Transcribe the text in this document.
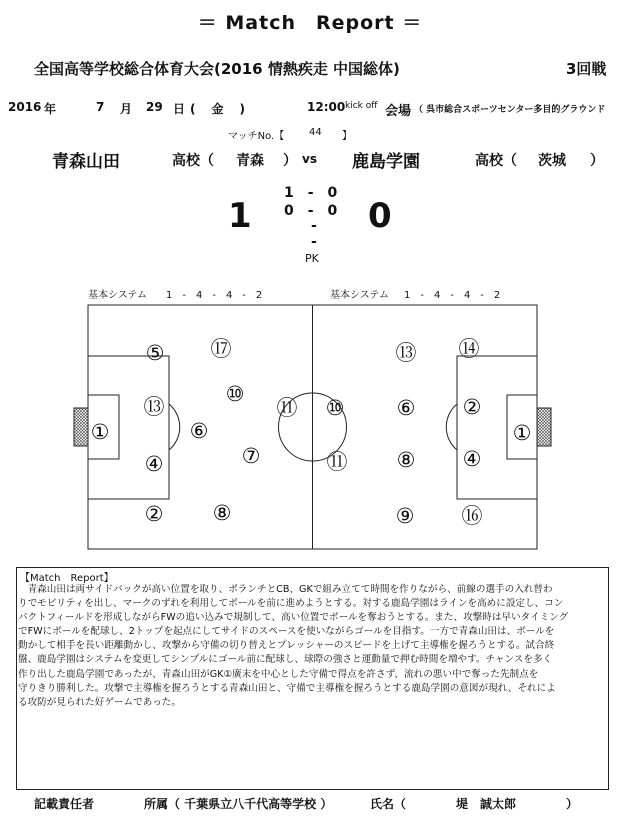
＝ Match　Report ＝
全国高等学校総合体育大会(2016 情熱疾走 中国総体)	3回戦
2016 年	7 月 29 日 (　金　)	12:00 kick off 会場 （ 呉市総合スポーツセンター多目的グラウンド
マッチNo.【 44 】
青森山田	高校（ 青森 ） vs 鹿島学園	高校（ 茨城 ）
1	0
1　-　0
0　-　0
-
-
PK
基本システム 1　-　4　-　4　-　2	基本システム 1　-　4　-　4　-　2
⑤ ⑰
⑬
⑩
⑪
①	⑥
⑦
④
② ⑧
⑬ ⑭
⑩ ⑥ ②
①
⑪ ⑧ ④
⑨ ⑯
【Match　Report】
　青森山田は両サイドバックが高い位置を取り、ボランチとCB、GKで組み立てて時間を作りながら、前線の選手の入れ替わ
りでモビリティを出し、マークのずれを利用してボールを前に進めようとする。対する鹿島学園はラインを高めに設定し、コン
パクトフィールドを形成しながらFWの追い込みで規制して、高い位置でボールを奪おうとする。また、攻撃時は早いタイミング
でFWにボールを配球し、2トップを起点にしてサイドのスペースを使いながらゴールを目指す。一方で青森山田は、ボールを
動かして相手を長い距離動かし、攻撃から守備の切り替えとプレッシャーのスピードを上げて主導権を握ろうとする。試合終
盤、鹿島学園はシステムを変更してシンプルにゴール前に配球し、球際の強さと運動量で押む時間を増やす。チャンスを多く
作り出した鹿島学園であったが、青森山田がGK①廣末を中心とした守備で得点を許さず、流れの悪い中で奪った先制点を
守りきり勝利した。攻撃で主導権を握ろうとする青森山田と、守備で主導権を握ろうとする鹿島学園の意図が現れ、それによ
る攻防が見られた好ゲームであった。
記載責任者	所属（ 千葉県立八千代高等学校 ）	氏名（	堤　誠太郎	）
